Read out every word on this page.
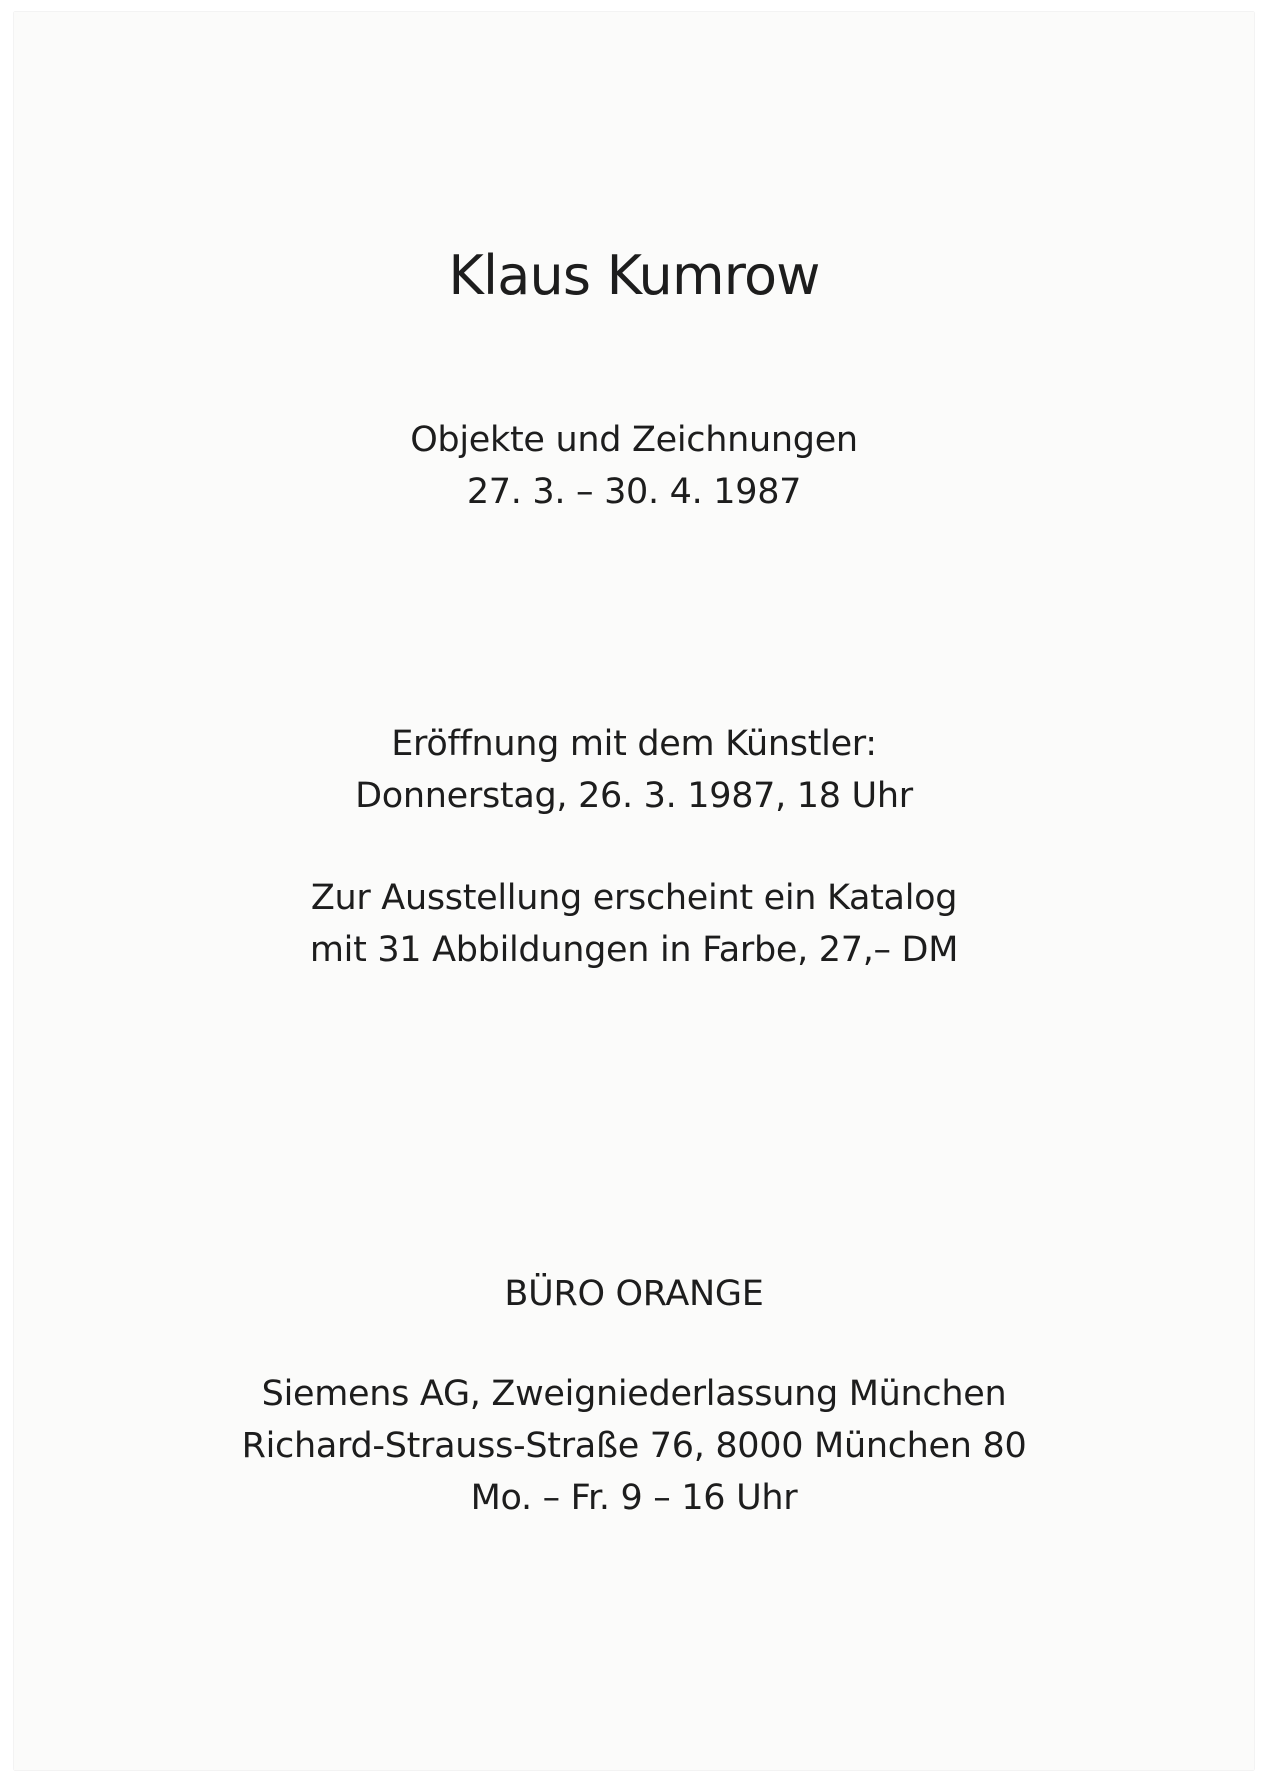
Klaus Kumrow
Objekte und Zeichnungen
27. 3. – 30. 4. 1987
Eröffnung mit dem Künstler:
Donnerstag, 26. 3. 1987, 18 Uhr
Zur Ausstellung erscheint ein Katalog
mit 31 Abbildungen in Farbe, 27,– DM
BÜRO ORANGE
Siemens AG, Zweigniederlassung München
Richard-Strauss-Straße 76, 8000 München 80
Mo. – Fr. 9 – 16 Uhr
